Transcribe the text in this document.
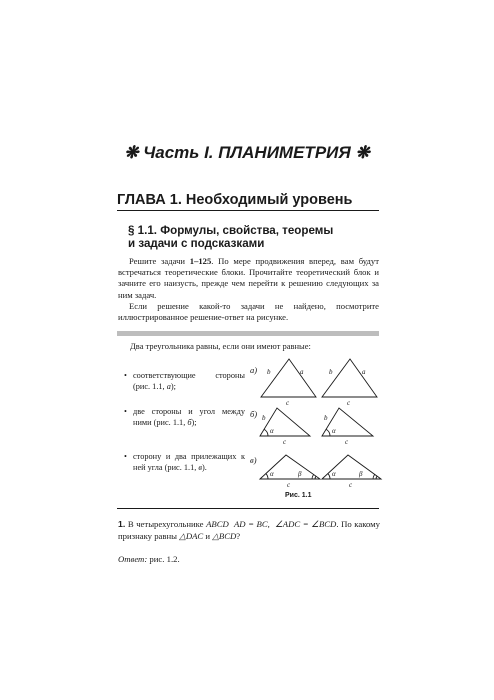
❋ Часть I. ПЛАНИМЕТРИЯ ❋
ГЛАВА 1. Необходимый уровень
§ 1.1. Формулы, свойства, теоремы
и задачи с подсказками

Решите задачи 1–125. По мере продвижения вперед, вам будут встречаться теоретические блоки. Прочитайте теоретический блок и зачните его наизусть, прежде чем перейти к решению следующих за ним задач.

Если решение какой-то задачи не найдено, посмотрите иллюстрированное решение-ответ на рисунке.

Два треугольника равны, если они имеют равные:
• соответствующие стороны (рис. 1.1, а);
• две стороны и угол между ними (рис. 1.1, б);
• сторону и два прилежащих к ней угла (рис. 1.1, в).
а)
б)
в)
b	a
c
b	a
c
b
α
c
b
α
c
α	β
c
α	β
c
Рис. 1.1
1. В четырехугольнике ABCD AD = BC,  ∠ADC = ∠BCD. По какому признаку равны △DAC и △BCD?
Ответ: рис. 1.2.
